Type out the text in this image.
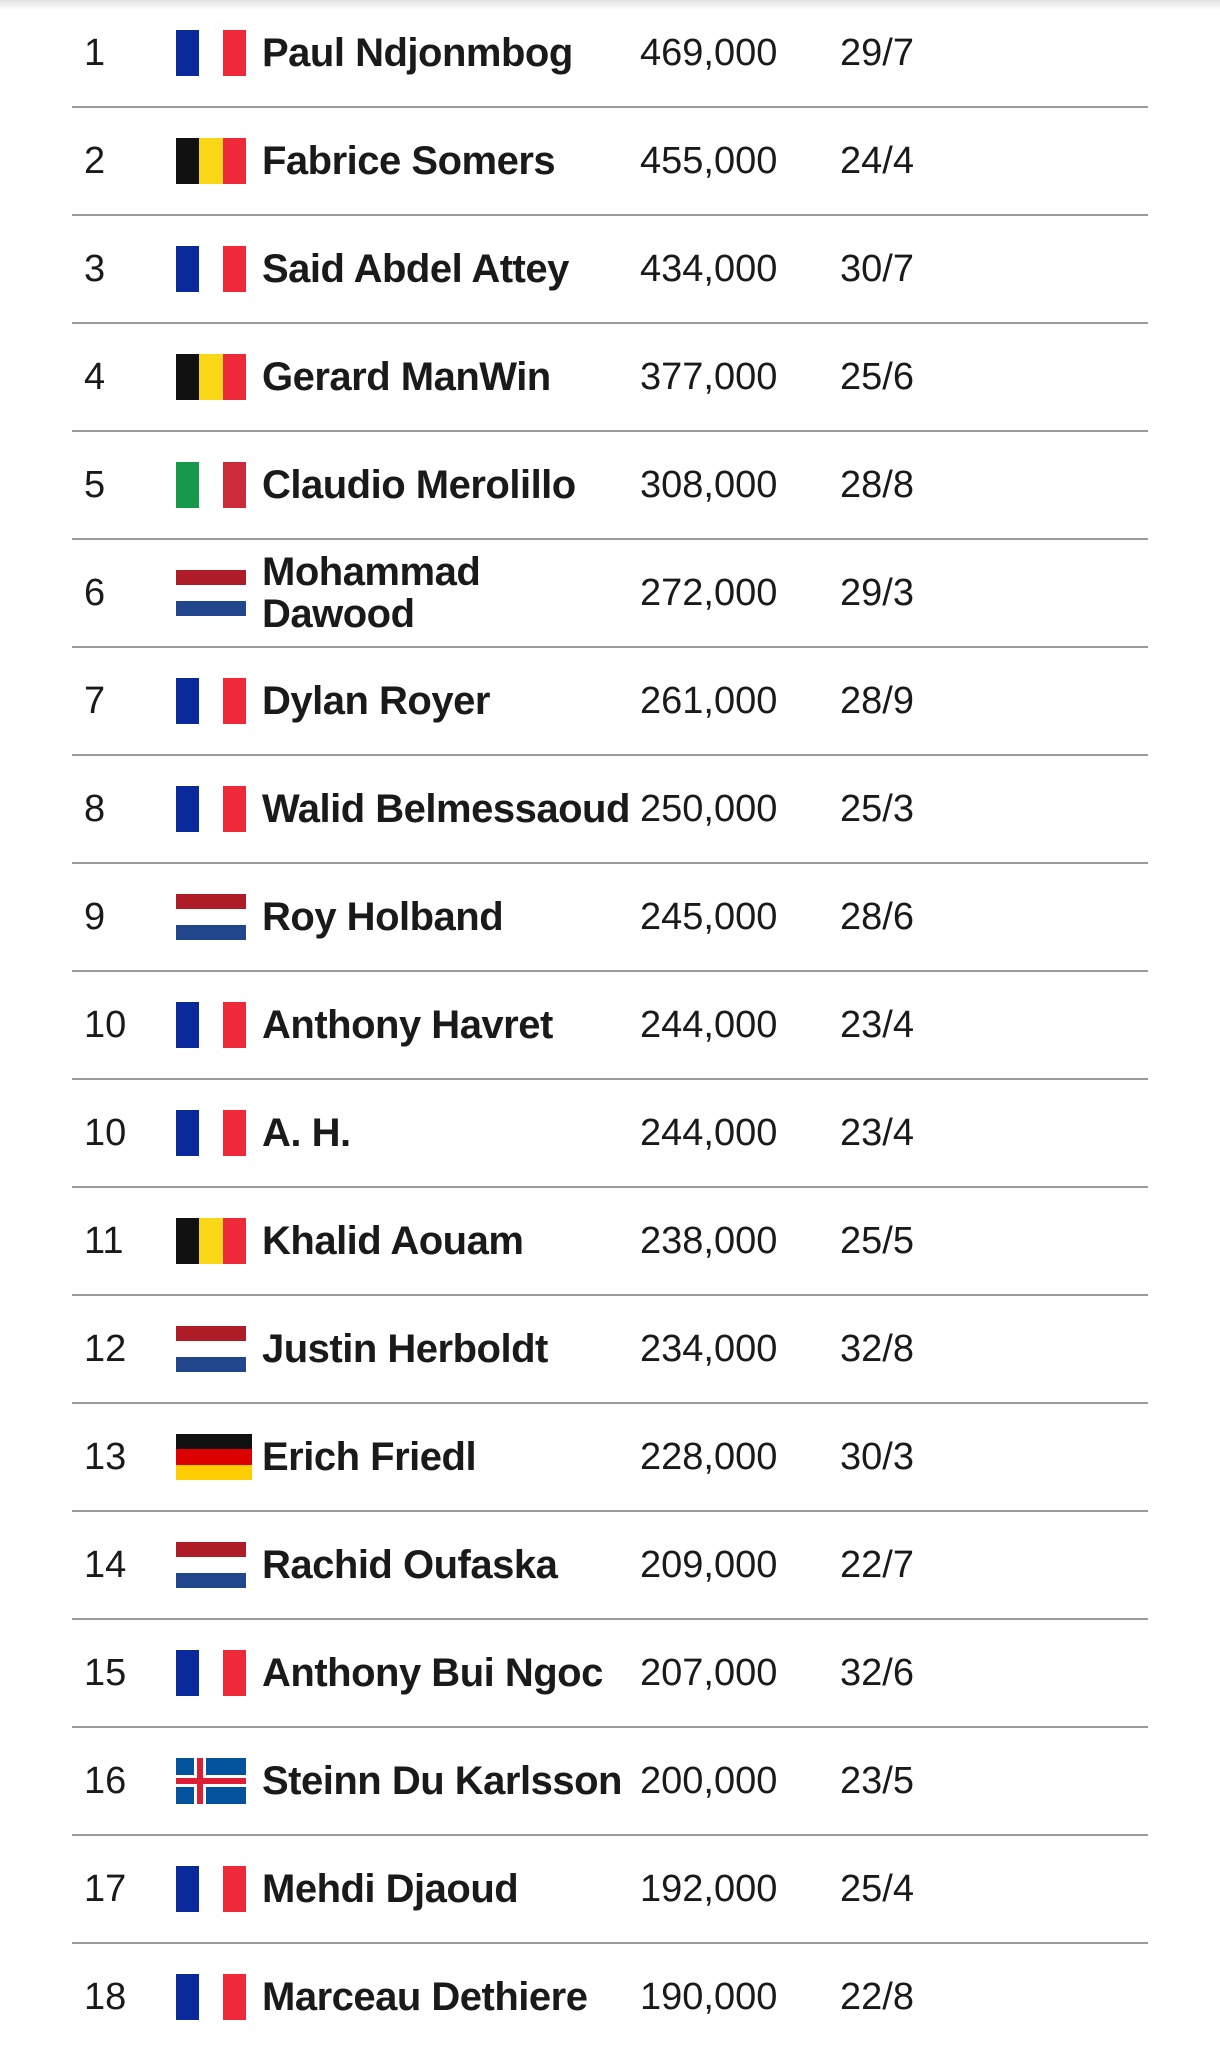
1	Paul Ndjonmbog	469,000	29/7
2	Fabrice Somers	455,000	24/4
3	Said Abdel Attey	434,000	30/7
4	Gerard ManWin	377,000	25/6
5	Claudio Merolillo	308,000	28/8
6	Mohammad Dawood	272,000	29/3
7	Dylan Royer	261,000	28/9
8	Walid Belmessaoud 250,000	25/3
9	Roy Holband	245,000	28/6
10	Anthony Havret	244,000	23/4
10	A. H.	244,000	23/4
11	Khalid Aouam	238,000	25/5
12	Justin Herboldt	234,000	32/8
13	Erich Friedl	228,000	30/3
14	Rachid Oufaska	209,000	22/7
15	Anthony Bui Ngoc 207,000	32/6
16	Steinn Du Karlsson 200,000	23/5
17	Mehdi Djaoud	192,000	25/4
18	Marceau Dethiere	190,000	22/8
